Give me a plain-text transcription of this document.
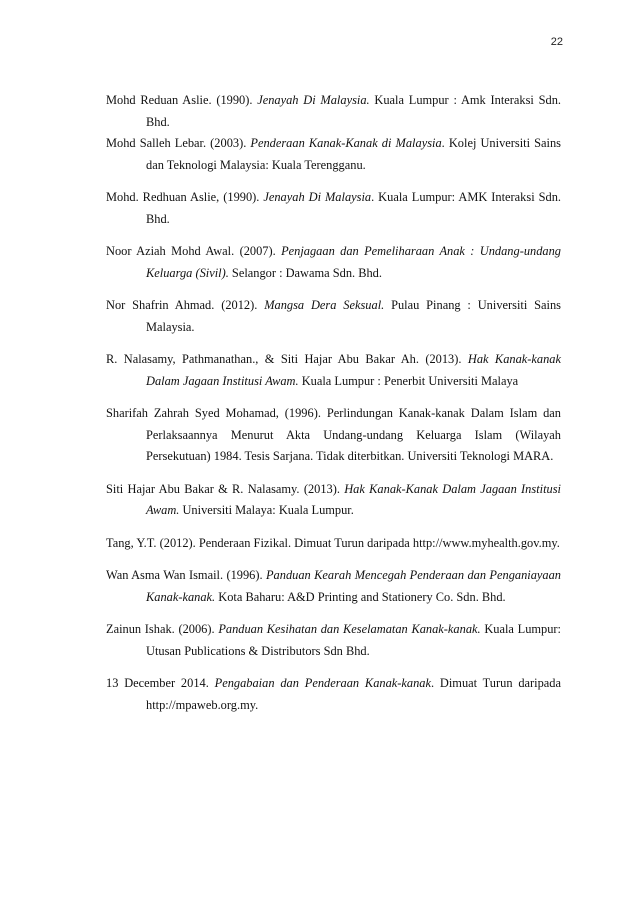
22

Mohd Reduan Aslie. (1990). Jenayah Di Malaysia. Kuala Lumpur : Amk Interaksi Sdn. Bhd.

Mohd Salleh Lebar. (2003). Penderaan Kanak-Kanak di Malaysia. Kolej Universiti Sains dan Teknologi Malaysia: Kuala Terengganu.

Mohd. Redhuan Aslie, (1990). Jenayah Di Malaysia. Kuala Lumpur: AMK Interaksi Sdn. Bhd.

Noor Aziah Mohd Awal. (2007). Penjagaan dan Pemeliharaan Anak : Undang-undang Keluarga (Sivil). Selangor : Dawama Sdn. Bhd.

Nor Shafrin Ahmad. (2012). Mangsa Dera Seksual. Pulau Pinang : Universiti Sains Malaysia.

R. Nalasamy, Pathmanathan., & Siti Hajar Abu Bakar Ah. (2013). Hak Kanak-kanak Dalam Jagaan Institusi Awam. Kuala Lumpur : Penerbit Universiti Malaya

Sharifah Zahrah Syed Mohamad, (1996). Perlindungan Kanak-kanak Dalam Islam dan Perlaksaannya Menurut Akta Undang-undang Keluarga Islam (Wilayah Persekutuan) 1984. Tesis Sarjana. Tidak diterbitkan. Universiti Teknologi MARA.

Siti Hajar Abu Bakar & R. Nalasamy. (2013). Hak Kanak-Kanak Dalam Jagaan Institusi Awam. Universiti Malaya: Kuala Lumpur.

Tang, Y.T. (2012). Penderaan Fizikal. Dimuat Turun daripada http://www.myhealth.gov.my.

Wan Asma Wan Ismail. (1996). Panduan Kearah Mencegah Penderaan dan Penganiayaan Kanak-kanak. Kota Baharu: A&D Printing and Stationery Co. Sdn. Bhd.

Zainun Ishak. (2006). Panduan Kesihatan dan Keselamatan Kanak-kanak. Kuala Lumpur: Utusan Publications & Distributors Sdn Bhd.

13 December 2014. Pengabaian dan Penderaan Kanak-kanak. Dimuat Turun daripada http://mpaweb.org.my.
